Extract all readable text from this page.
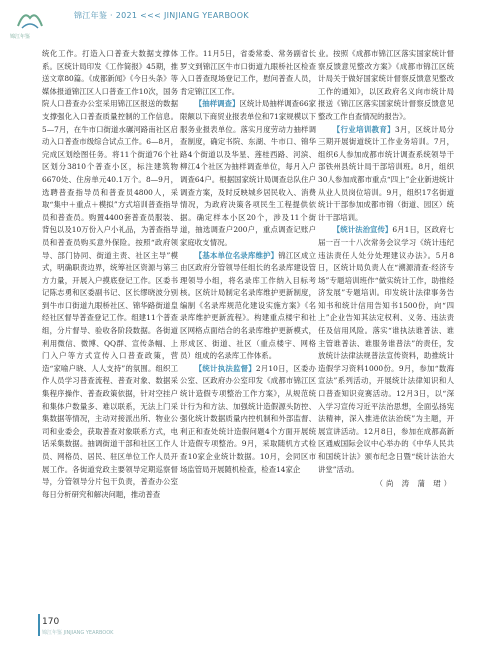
锦江年鉴
锦江年鉴 · 2021 <<< JINJIANG YEARBOOK

统化工作。打造入口普查大数据支撑体系。区统计局印发《工作简报》45期，推送文章80篇。《成都新闻》《今日头条》等媒体报道锦江区人口普查工作10次，国务院人口普查办公室采用锦江区报送的数据支撑强化入口普查质量控制的工作信息。5—7月，在牛市口街道水碾河路南社区启动入口普查市级综合试点工作。6—8月，完成区划绘图任务。将11个街道76个社区划分3810个普查小区，标注建筑物6670处、住房单元40.1万个。8—9月，选聘普查指导员和普查员4800人，采取“集中＋重点＋模拟”方式培训普查指导员和普查员。购置4400套普查员服装、背包以及10万份入户小礼品，为普查指导员和普查员购买意外保险。按照“政府领导、部门协同、街道主责、社区主导”模式，明确职责边界，统筹社区资源与第三方力量，开展入户摸底登记工作。区委书记陈志勇和区委副书记、区长缪晓波分别到牛市口街道九眼桥社区、锦华路街道皇经社区督导普查登记工作。组建11个普查组，分片督导、验收各阶段数据。各街道利用微信、微博、QQ群、宣传条幅、上门入户等方式宣传入口普查政策，营造“家喻户晓、人人支持”的氛围。组织工作人员学习普查流程、普查对象、数据采集程序操作、普查政策依据，针对空挂户和集体户数量多、难以联系，无法上门采集数据等情况，主动对接派出所、物业公司和业委会，获取普查对象联系方式，电话采集数据。抽调街道干部和社区工作人员、网格员、居民、驻区单位工作人员开展工作。各街道党政主要领导定期巡察督导，分管领导分片包干负责，普查办公室每日分析研究和解决问题，推动普查

工作。11月5日，省委常委、常务副省长罗文到锦江区牛市口街道九眼桥社区检查入口普查现场登记工作，慰问普查人员，肯定锦江区工作。

【抽样调查】区统计局抽样调查66家限额以下商贸业报表单位和71家规模以下服务业报表单位。落实月度劳动力抽样调查制度，确定书院、东湖、牛市口、锦华路4个街道以及华星、莲桂西路、河滨、柳江4个社区为抽样调查单位，每月入户调查64户。根据国家统计局调查总队住户调查方案，及时反映城乡居民收入、消费情况，为政府决策各项民生工程提供依据。确定样本小区20个，涉及11个街道，抽选调查户200户，重点调查记账户家庭收支情况。

【基本单位名录库维护】锦江区成立由区政府分管领导任组长的名录库建设管理领导小组，将名录库工作纳入目标考核。区统计局制定名录库维护更新制度，编制《名录库规范化建设实施方案》《名录库维护更新流程》。构建重点楼宇和社区网格点面结合的名录库维护更新模式，形成区、街道、社区（重点楼宇、网格员）组成的名录库工作体系。

【统计执法监督】2月10日，区委办公室、区政府办公室印发《成都市锦江区统计造假专项整治工作方案》，从规范统计行为和方法、加强统计造假源头防控、强化统计数据质量内控机制和外部监督、利正和查处统计造假问题4个方面开展统计造假专项整治。9月，采取随机方式检查10家企业统计数据。10月，会同区市场监管局开展随机检查，检查14家企

业。按照《成都市锦江区落实国家统计督察反馈意见整改方案》《成都市锦江区统计局关于做好国家统计督察反馈意见整改工作的通知》，以区政府名义向市统计局报送《锦江区落实国家统计督察反馈意见整改工作自查情况的报告》。

【行业培训教育】3月，区统计局分三期开展街道统计工作业务培训。7月，组织6人参加成都市统计调查系统领导干部铁州县统计局干部培训班。8月，组织30人参加成都市重点“四上”企业新进统计从业人员岗位培训。9月，组织17名街道统计干部参加成都市锦（街道、园区）统计干部培训。

【统计法治宣传】6月1日，区政府七届一百一十八次常务会议学习《统计违纪违法责任人处分处理建议办法》。5月8日，区统计局负责人在“溯源清查·经济专场”专题培训班作“做实统计工作，助推经济发展”专题培训。印发统计法律事务告知书和统计信用告知书1500份，向“四上”企业告知其法定权利、义务、违法责任及信用风险。落实“谁执法谁普法、谁主管谁普法、谁服务谁普法”的责任，发放统计法律法规普法宣传资料，助推统计造假学习资料1000份。9月，参加“数海宣法”系列活动，开展统计法律知识和人口普查知识竞赛活动。12月3日，以“深入学习宣传习近平法治思想，全面弘扬宪法精神，深入推进依法治统”为主题，开展宣讲活动。12月8日，参加在成都高新区通威国际会议中心举办的《中华人民共和国统计法》颁布纪念日暨“统计法治大讲堂”活动。

（尚 涛 蒲 珺）
170
锦江年鉴 JINJIANG YEARBOOK
